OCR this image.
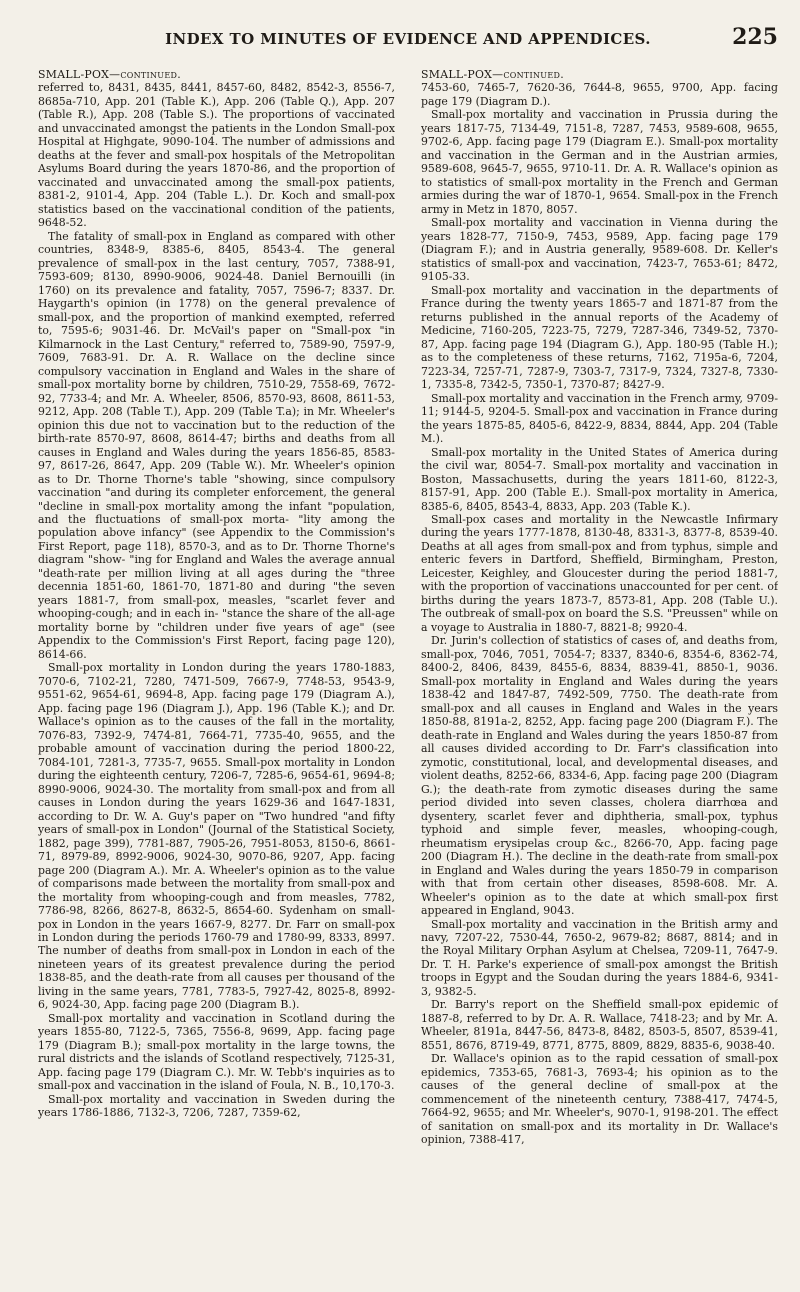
INDEX TO MINUTES OF EVIDENCE AND APPENDICES.	225

SMALL-POX—continued.

referred to, 8431, 8435, 8441, 8457-60, 8482, 8542-3, 8556-7, 8685a-710, App. 201 (Table K.), App. 206 (Table Q.), App. 207 (Table R.), App. 208 (Table S.). The proportions of vaccinated and unvaccinated amongst the patients in the London Small-pox Hospital at Highgate, 9090-104. The number of admissions and deaths at the fever and small-pox hospitals of the Metropolitan Asylums Board during the years 1870-86, and the proportion of vaccinated and unvaccinated among the small-pox patients, 8381-2, 9101-4, App. 204 (Table L.). Dr. Koch and small-pox statistics based on the vaccinational condition of the patients, 9648-52.

The fatality of small-pox in England as compared with other countries, 8348-9, 8385-6, 8405, 8543-4. The general prevalence of small-pox in the last century, 7057, 7388-91, 7593-609; 8130, 8990-9006, 9024-48. Daniel Bernouilli (in 1760) on its prevalence and fatality, 7057, 7596-7; 8337. Dr. Haygarth's opinion (in 1778) on the general prevalence of small-pox, and the proportion of mankind exempted, referred to, 7595-6; 9031-46. Dr. McVail's paper on "Small-pox "in Kilmarnock in the Last Century," referred to, 7589-90, 7597-9, 7609, 7683-91. Dr. A. R. Wallace on the decline since compulsory vaccination in England and Wales in the share of small-pox mortality borne by children, 7510-29, 7558-69, 7672-92, 7733-4; and Mr. A. Wheeler, 8506, 8570-93, 8608, 8611-53, 9212, App. 208 (Table T.), App. 209 (Table T.a); in Mr. Wheeler's opinion this due not to vaccination but to the reduction of the birth-rate 8570-97, 8608, 8614-47; births and deaths from all causes in England and Wales during the years 1856-85, 8583-97, 8617-26, 8647, App. 209 (Table W.). Mr. Wheeler's opinion as to Dr. Thorne Thorne's table "showing, since compulsory vaccination "and during its completer enforcement, the general "decline in small-pox mortality among the infant "population, and the fluctuations of small-pox morta- "lity among the population above infancy" (see Appendix to the Commission's First Report, page 118), 8570-3, and as to Dr. Thorne Thorne's diagram "show- "ing for England and Wales the average annual "death-rate per million living at all ages during the "three decennia 1851-60, 1861-70, 1871-80 and during "the seven years 1881-7, from small-pox, measles, "scarlet fever and whooping-cough; and in each in- "stance the share of the all-age mortality borne by "children under five years of age" (see Appendix to the Commission's First Report, facing page 120), 8614-66.

Small-pox mortality in London during the years 1780-1883, 7070-6, 7102-21, 7280, 7471-509, 7667-9, 7748-53, 9543-9, 9551-62, 9654-61, 9694-8, App. facing page 179 (Diagram A.), App. facing page 196 (Diagram J.), App. 196 (Table K.); and Dr. Wallace's opinion as to the causes of the fall in the mortality, 7076-83, 7392-9, 7474-81, 7664-71, 7735-40, 9655, and the probable amount of vaccination during the period 1800-22, 7084-101, 7281-3, 7735-7, 9655. Small-pox mortality in London during the eighteenth century, 7206-7, 7285-6, 9654-61, 9694-8; 8990-9006, 9024-30. The mortality from small-pox and from all causes in London during the years 1629-36 and 1647-1831, according to Dr. W. A. Guy's paper on "Two hundred "and fifty years of small-pox in London" (Journal of the Statistical Society, 1882, page 399), 7781-887, 7905-26, 7951-8053, 8150-6, 8661-71, 8979-89, 8992-9006, 9024-30, 9070-86, 9207, App. facing page 200 (Diagram A.). Mr. A. Wheeler's opinion as to the value of comparisons made between the mortality from small-pox and the mortality from whooping-cough and from measles, 7782, 7786-98, 8266, 8627-8, 8632-5, 8654-60. Sydenham on small-pox in London in the years 1667-9, 8277. Dr. Farr on small-pox in London during the periods 1760-79 and 1780-99, 8333, 8997. The number of deaths from small-pox in London in each of the nineteen years of its greatest prevalence during the period 1838-85, and the death-rate from all causes per thousand of the living in the same years, 7781, 7783-5, 7927-42, 8025-8, 8992-6, 9024-30, App. facing page 200 (Diagram B.).

Small-pox mortality and vaccination in Scotland during the years 1855-80, 7122-5, 7365, 7556-8, 9699, App. facing page 179 (Diagram B.); small-pox mortality in the large towns, the rural districts and the islands of Scotland respectively, 7125-31, App. facing page 179 (Diagram C.). Mr. W. Tebb's inquiries as to small-pox and vaccination in the island of Foula, N. B., 10,170-3.

Small-pox mortality and vaccination in Sweden during the years 1786-1886, 7132-3, 7206, 7287, 7359-62,

SMALL-POX—continued.

7453-60, 7465-7, 7620-36, 7644-8, 9655, 9700, App. facing page 179 (Diagram D.).

Small-pox mortality and vaccination in Prussia during the years 1817-75, 7134-49, 7151-8, 7287, 7453, 9589-608, 9655, 9702-6, App. facing page 179 (Diagram E.). Small-pox mortality and vaccination in the German and in the Austrian armies, 9589-608, 9645-7, 9655, 9710-11. Dr. A. R. Wallace's opinion as to statistics of small-pox mortality in the French and German armies during the war of 1870-1, 9654. Small-pox in the French army in Metz in 1870, 8057.

Small-pox mortality and vaccination in Vienna during the years 1828-77, 7150-9, 7453, 9589, App. facing page 179 (Diagram F.); and in Austria generally, 9589-608. Dr. Keller's statistics of small-pox and vaccination, 7423-7, 7653-61; 8472, 9105-33.

Small-pox mortality and vaccination in the departments of France during the twenty years 1865-7 and 1871-87 from the returns published in the annual reports of the Academy of Medicine, 7160-205, 7223-75, 7279, 7287-346, 7349-52, 7370-87, App. facing page 194 (Diagram G.), App. 180-95 (Table H.); as to the completeness of these returns, 7162, 7195a-6, 7204, 7223-34, 7257-71, 7287-9, 7303-7, 7317-9, 7324, 7327-8, 7330-1, 7335-8, 7342-5, 7350-1, 7370-87; 8427-9.

Small-pox mortality and vaccination in the French army, 9709-11; 9144-5, 9204-5. Small-pox and vaccination in France during the years 1875-85, 8405-6, 8422-9, 8834, 8844, App. 204 (Table M.).

Small-pox mortality in the United States of America during the civil war, 8054-7. Small-pox mortality and vaccination in Boston, Massachusetts, during the years 1811-60, 8122-3, 8157-91, App. 200 (Table E.). Small-pox mortality in America, 8385-6, 8405, 8543-4, 8833, App. 203 (Table K.).

Small-pox cases and mortality in the Newcastle Infirmary during the years 1777-1878, 8130-48, 8331-3, 8377-8, 8539-40. Deaths at all ages from small-pox and from typhus, simple and enteric fevers in Dartford, Sheffield, Birmingham, Preston, Leicester, Keighley, and Gloucester during the period 1881-7, with the proportion of vaccinations unaccounted for per cent. of births during the years 1873-7, 8573-81, App. 208 (Table U.). The outbreak of small-pox on board the S.S. "Preussen" while on a voyage to Australia in 1880-7, 8821-8; 9920-4.

Dr. Jurin's collection of statistics of cases of, and deaths from, small-pox, 7046, 7051, 7054-7; 8337, 8340-6, 8354-6, 8362-74, 8400-2, 8406, 8439, 8455-6, 8834, 8839-41, 8850-1, 9036. Small-pox mortality in England and Wales during the years 1838-42 and 1847-87, 7492-509, 7750. The death-rate from small-pox and all causes in England and Wales in the years 1850-88, 8191a-2, 8252, App. facing page 200 (Diagram F.). The death-rate in England and Wales during the years 1850-87 from all causes divided according to Dr. Farr's classification into zymotic, constitutional, local, and developmental diseases, and violent deaths, 8252-66, 8334-6, App. facing page 200 (Diagram G.); the death-rate from zymotic diseases during the same period divided into seven classes, cholera diarrhœa and dysentery, scarlet fever and diphtheria, small-pox, typhus typhoid and simple fever, measles, whooping-cough, rheumatism erysipelas croup &c., 8266-70, App. facing page 200 (Diagram H.). The decline in the death-rate from small-pox in England and Wales during the years 1850-79 in comparison with that from certain other diseases, 8598-608. Mr. A. Wheeler's opinion as to the date at which small-pox first appeared in England, 9043.

Small-pox mortality and vaccination in the British army and navy, 7207-22, 7530-44, 7650-2, 9679-82; 8687, 8814; and in the Royal Military Orphan Asylum at Chelsea, 7209-11, 7647-9. Dr. T. H. Parke's experience of small-pox amongst the British troops in Egypt and the Soudan during the years 1884-6, 9341-3, 9382-5.

Dr. Barry's report on the Sheffield small-pox epidemic of 1887-8, referred to by Dr. A. R. Wallace, 7418-23; and by Mr. A. Wheeler, 8191a, 8447-56, 8473-8, 8482, 8503-5, 8507, 8539-41, 8551, 8676, 8719-49, 8771, 8775, 8809, 8829, 8835-6, 9038-40.

Dr. Wallace's opinion as to the rapid cessation of small-pox epidemics, 7353-65, 7681-3, 7693-4; his opinion as to the causes of the general decline of small-pox at the commencement of the nineteenth century, 7388-417, 7474-5, 7664-92, 9655; and Mr. Wheeler's, 9070-1, 9198-201. The effect of sanitation on small-pox and its mortality in Dr. Wallace's opinion, 7388-417,
